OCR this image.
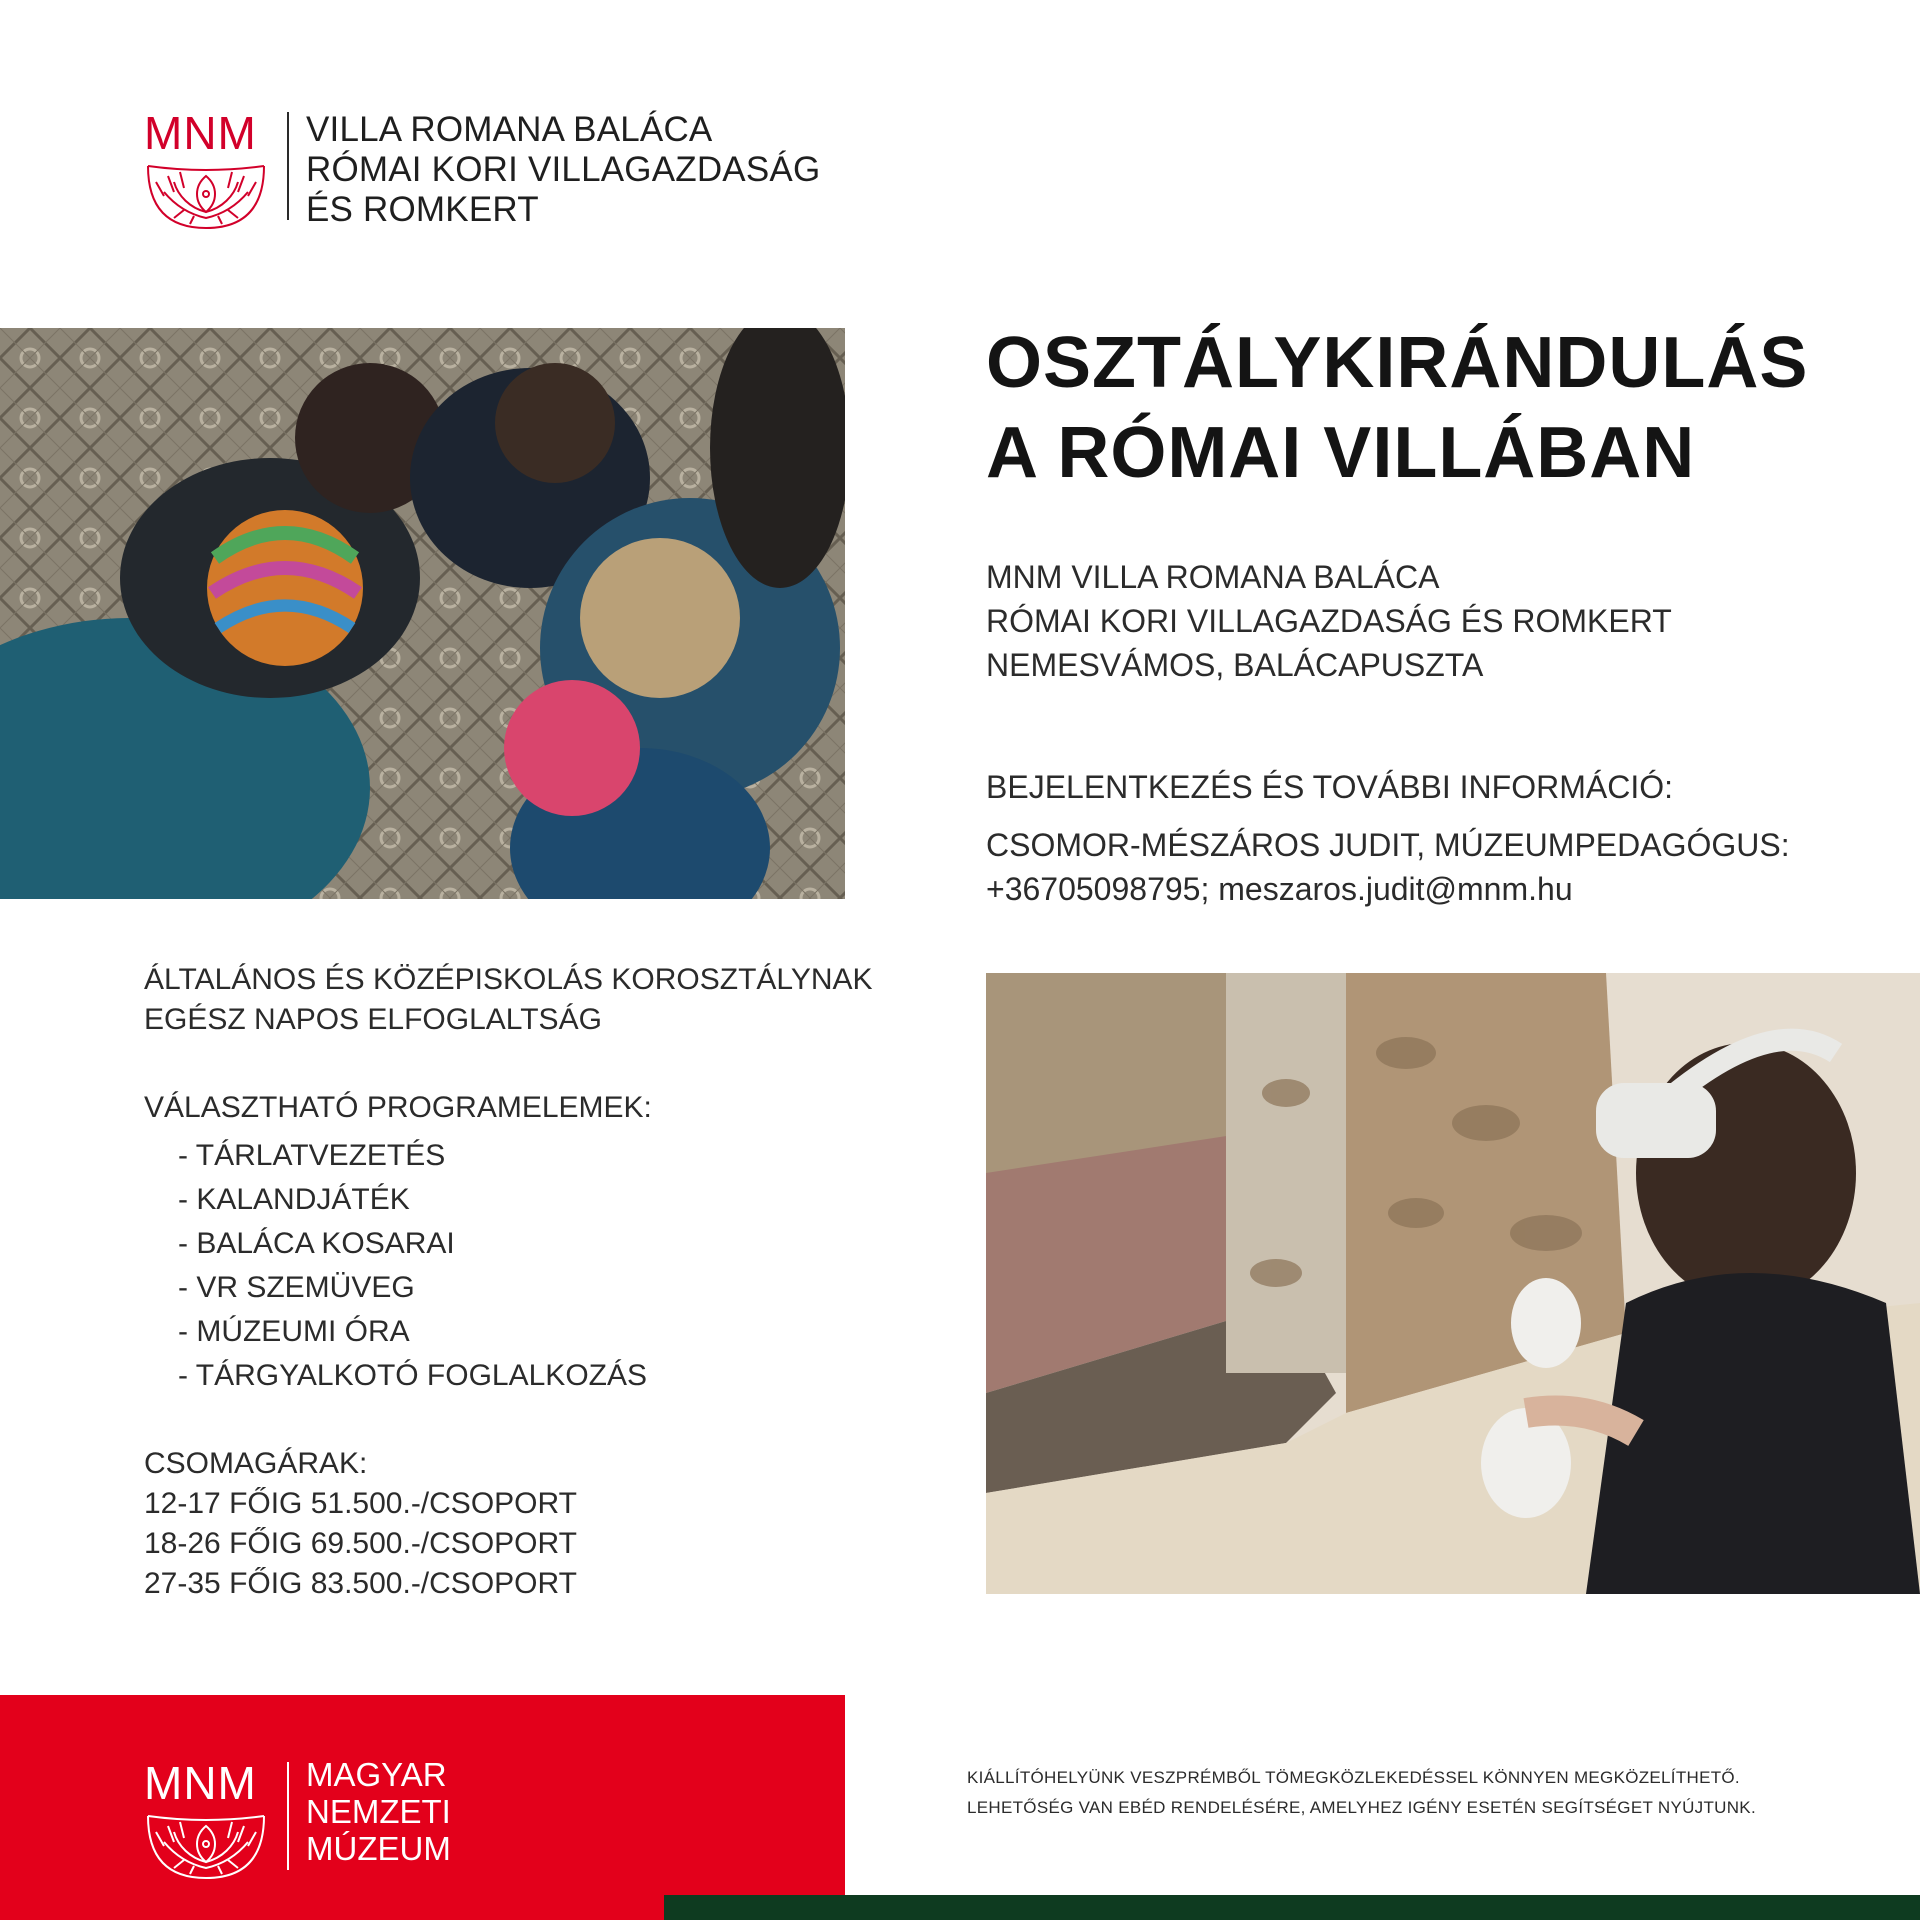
MNM	VILLA ROMANA BALÁCA
RÓMAI KORI VILLAGAZDASÁG
ÉS ROMKERT
OSZTÁLYKIRÁNDULÁS
A RÓMAI VILLÁBAN
MNM VILLA ROMANA BALÁCA
RÓMAI KORI VILLAGAZDASÁG ÉS ROMKERT
NEMESVÁMOS, BALÁCAPUSZTA
BEJELENTKEZÉS ÉS TOVÁBBI INFORMÁCIÓ:
CSOMOR-MÉSZÁROS JUDIT, MÚZEUMPEDAGÓGUS:
+36705098795; meszaros.judit@mnm.hu
ÁLTALÁNOS ÉS KÖZÉPISKOLÁS KOROSZTÁLYNAK
EGÉSZ NAPOS ELFOGLALTSÁG
VÁLASZTHATÓ PROGRAMELEMEK:
- TÁRLATVEZETÉS
- KALANDJÁTÉK
- BALÁCA KOSARAI
- VR SZEMÜVEG
- MÚZEUMI ÓRA
- TÁRGYALKOTÓ FOGLALKOZÁS
CSOMAGÁRAK:
12-17 FŐIG 51.500.-/CSOPORT
18-26 FŐIG 69.500.-/CSOPORT
27-35 FŐIG 83.500.-/CSOPORT
MNM	MAGYAR
NEMZETI
MÚZEUM
KIÁLLÍTÓHELYÜNK VESZPRÉMBŐL TÖMEGKÖZLEKEDÉSSEL KÖNNYEN MEGKÖZELÍTHETŐ.
LEHETŐSÉG VAN EBÉD RENDELÉSÉRE, AMELYHEZ IGÉNY ESETÉN SEGÍTSÉGET NYÚJTUNK.
